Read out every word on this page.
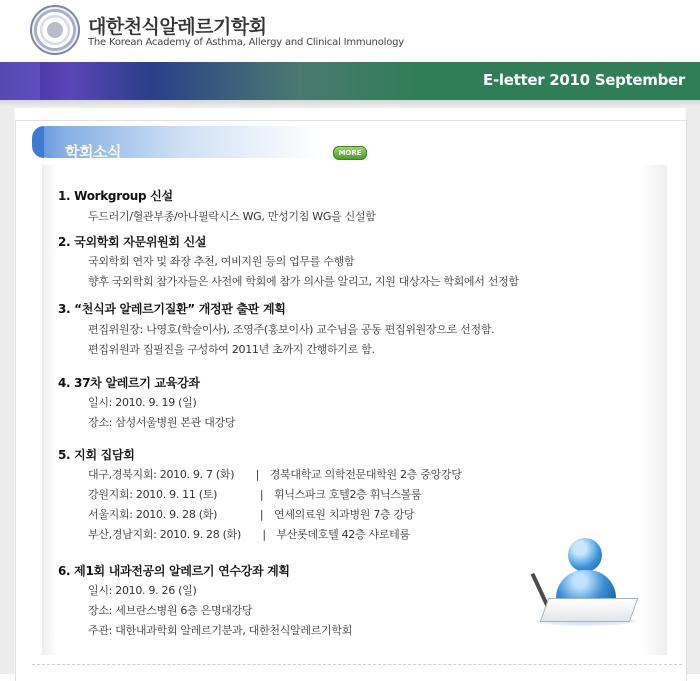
대한천식알레르기학회
The Korean Academy of Asthma, Allergy and Clinical Immunology
E-letter 2010 September
학회소식	MORE
1. Workgroup 신설
두드러기/혈관부종/아나필락시스 WG, 만성기침 WG을 신설함
2. 국외학회 자문위원회 신설
국외학회 연자 및 좌장 추천, 여비지원 등의 업무를 수행함
향후 국외학회 참가자들은 사전에 학회에 참가 의사를 알리고, 지원 대상자는 학회에서 선정함
3. “천식과 알레르기질환” 개정판 출판 계획
편집위원장: 나영호(학술이사), 조영주(홍보이사) 교수님을 공동 편집위원장으로 선정함.
편집위원과 집필진을 구성하여 2011년 초까지 간행하기로 함.
4. 37차 알레르기 교육강좌
일시: 2010. 9. 19 (일)
장소: 삼성서울병원 본관 대강당
5. 지회 집담회
대구,경북지회: 2010. 9. 7 (화)　　|　경북대학교 의학전문대학원 2층 중앙강당
강원지회: 2010. 9. 11 (토)　　　　|　휘닉스파크 호텔2층 휘닉스볼룸
서울지회: 2010. 9. 28 (화)　　　　|　연세의료원 치과병원 7층 강당
부산,경남지회: 2010. 9. 28 (화)　　|　부산롯데호텔 42층 샤로테룸
6. 제1회 내과전공의 알레르기 연수강좌 계획
일시: 2010. 9. 26 (일)
장소: 세브란스병원 6층 은명대강당
주관: 대한내과학회 알레르기분과, 대한천식알레르기학회
